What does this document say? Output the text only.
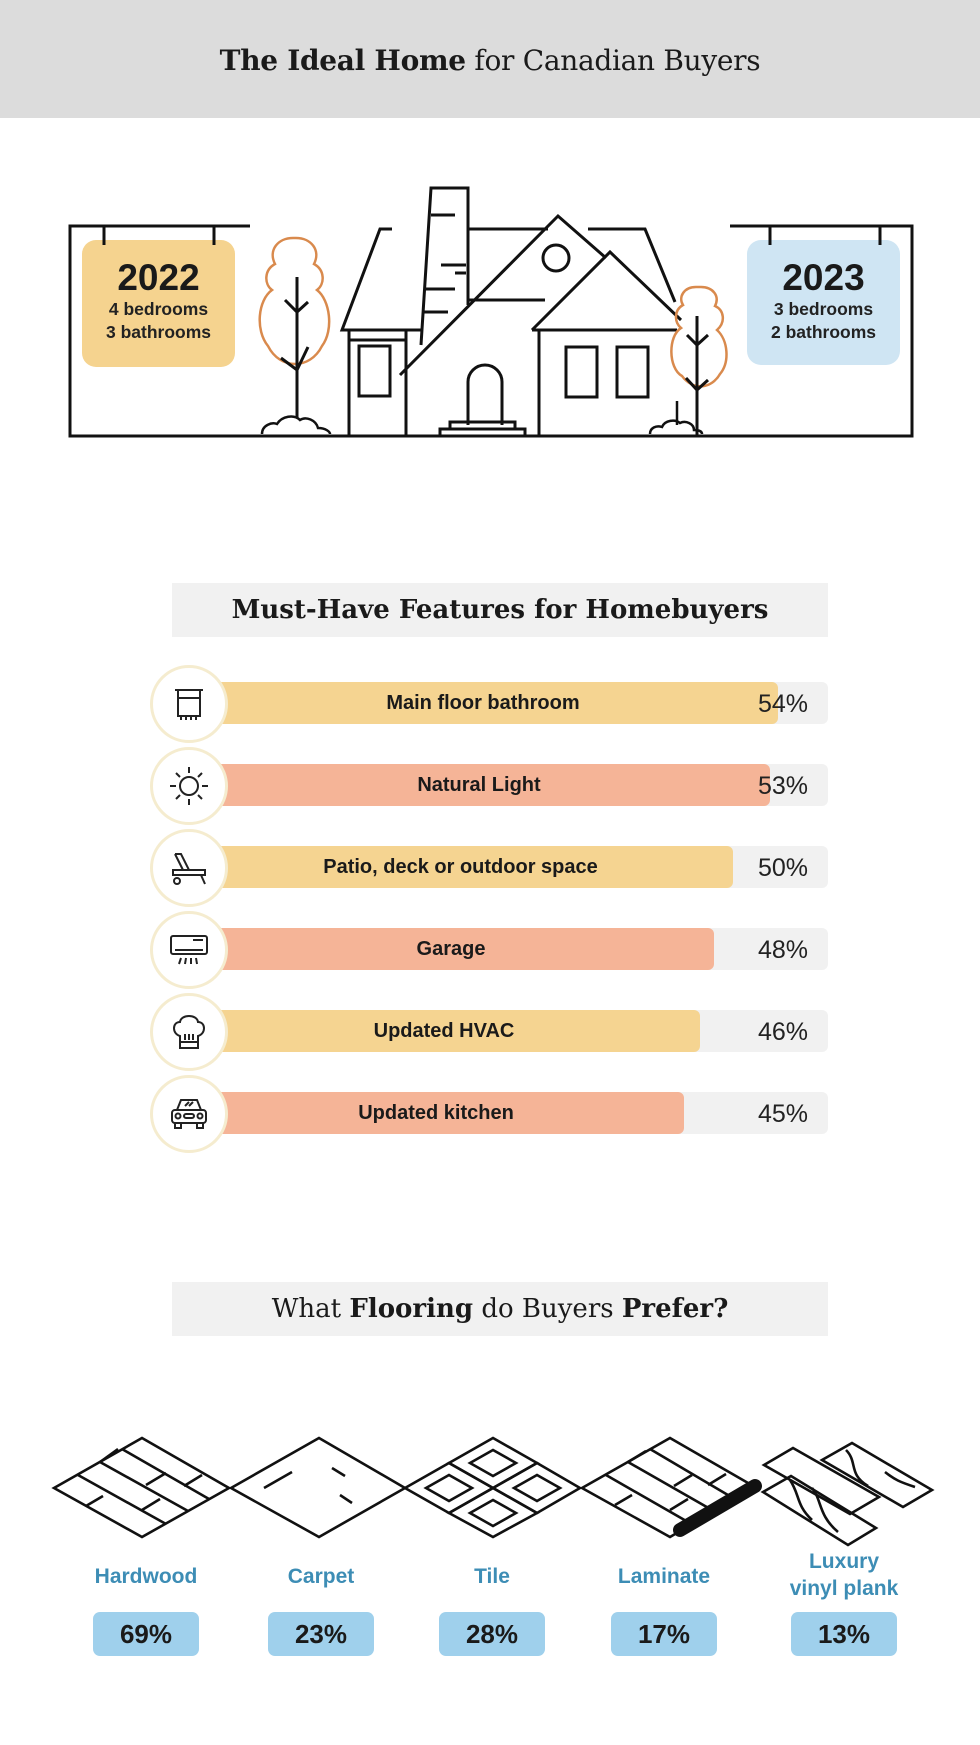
The Ideal Home for Canadian Buyers
2022
4 bedrooms
3 bathrooms
2023
3 bedrooms
2 bathrooms
Must-Have Features for Homebuyers
Main floor bathroom	54%
Natural Light	53%
Patio, deck or outdoor space	50%
Garage	48%
Updated HVAC	46%
Updated kitchen	45%
What Flooring do Buyers Prefer?
Hardwood
69%
Carpet
23%
Tile
28%
Laminate
17%
Luxury vinyl plank
13%
